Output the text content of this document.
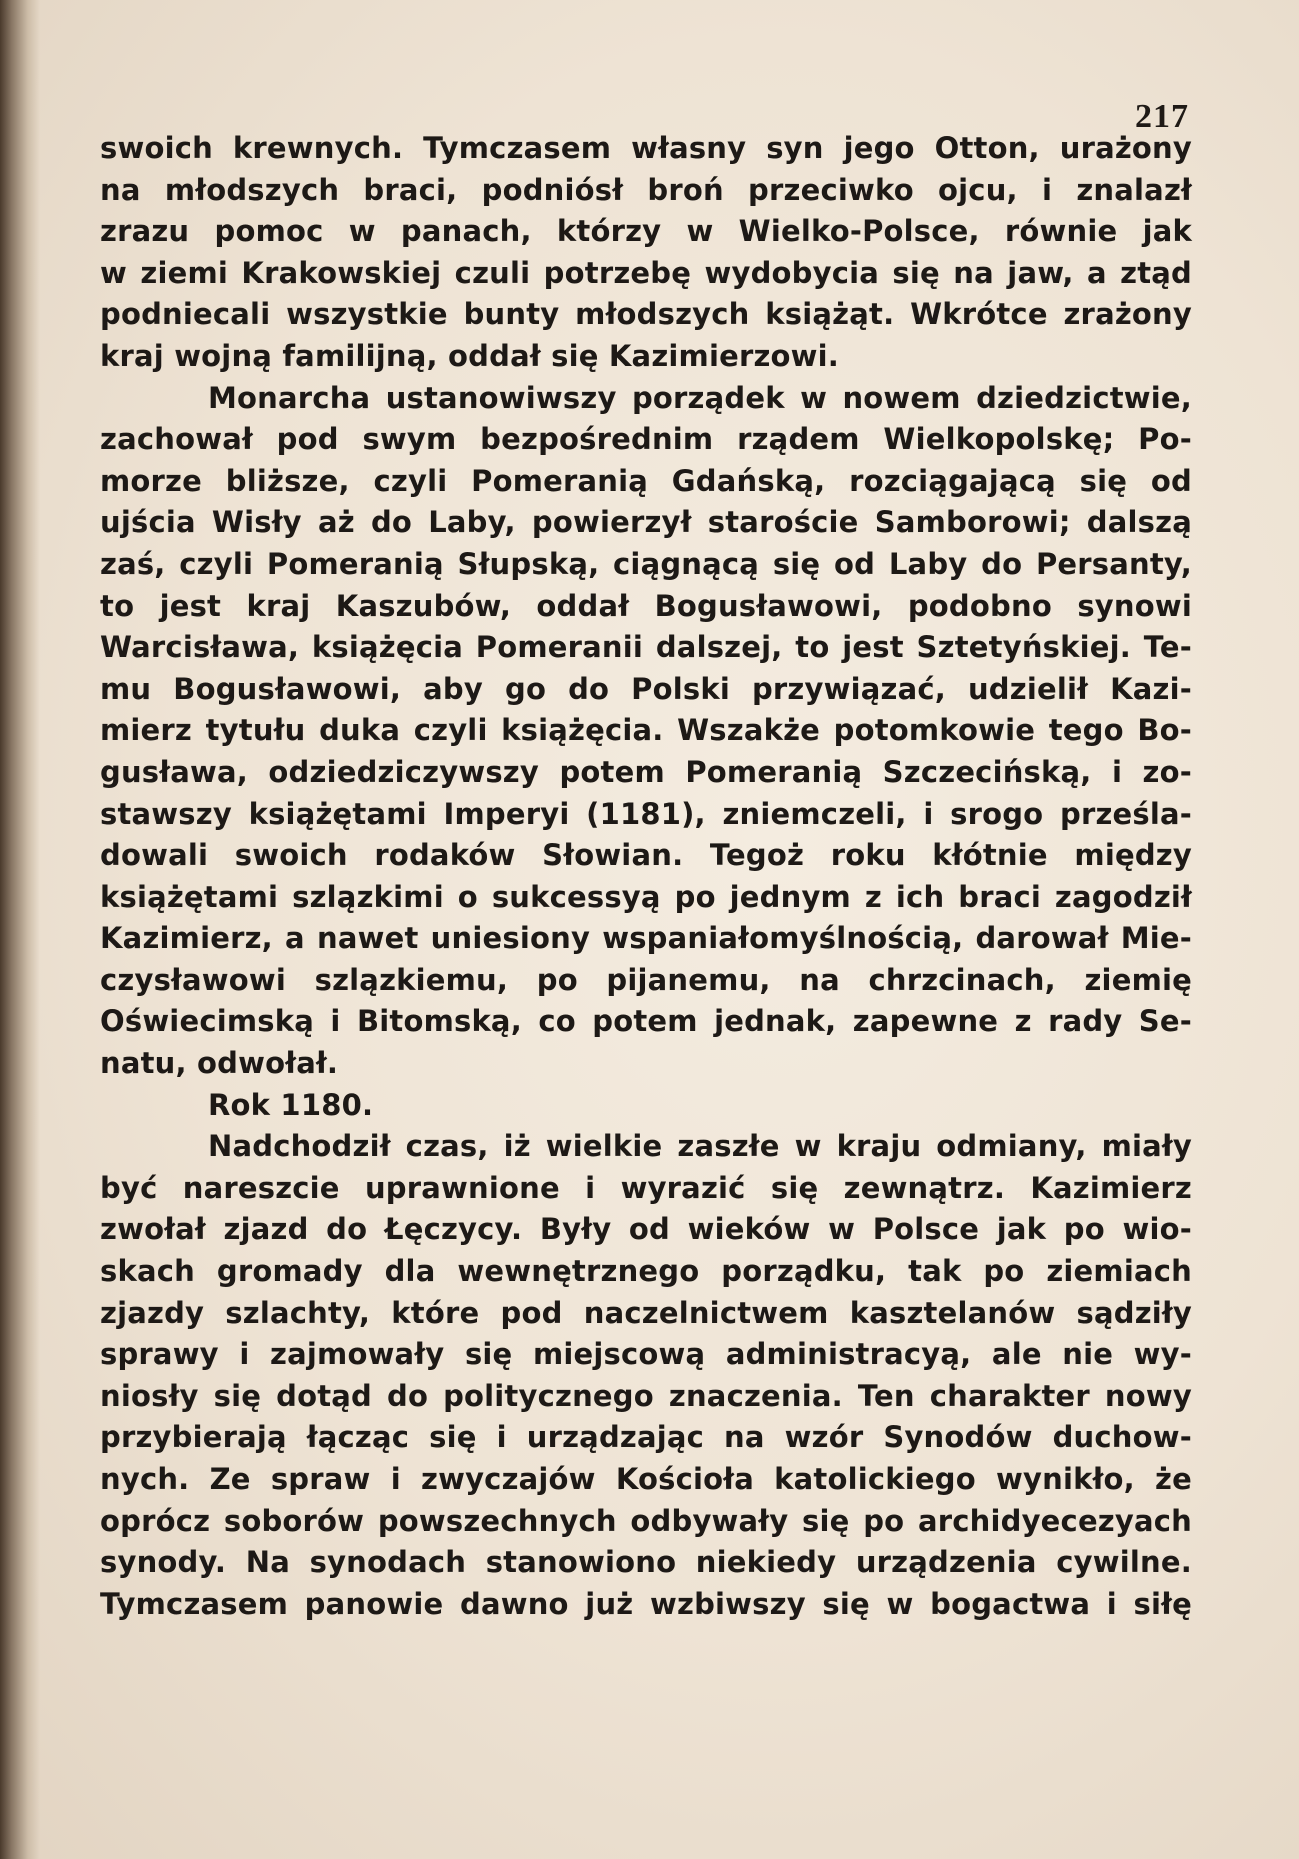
217
swoich krewnych. Tymczasem własny syn jego Otton, urażony
na młodszych braci, podniósł broń przeciwko ojcu, i znalazł
zrazu pomoc w panach, którzy w Wielko-Polsce, równie jak
w ziemi Krakowskiej czuli potrzebę wydobycia się na jaw, a ztąd
podniecali wszystkie bunty młodszych książąt. Wkrótce zrażony
kraj wojną familijną, oddał się Kazimierzowi.
Monarcha ustanowiwszy porządek w nowem dziedzictwie,
zachował pod swym bezpośrednim rządem Wielkopolskę; Po-
morze bliższe, czyli Pomeranią Gdańską, rozciągającą się od
ujścia Wisły aż do Laby, powierzył staroście Samborowi; dalszą
zaś, czyli Pomeranią Słupską, ciągnącą się od Laby do Persanty,
to jest kraj Kaszubów, oddał Bogusławowi, podobno synowi
Warcisława, książęcia Pomeranii dalszej, to jest Sztetyńskiej. Te-
mu Bogusławowi, aby go do Polski przywiązać, udzielił Kazi-
mierz tytułu duka czyli książęcia. Wszakże potomkowie tego Bo-
gusława, odziedziczywszy potem Pomeranią Szczecińską, i zo-
stawszy książętami Imperyi (1181), zniemczeli, i srogo prześla-
dowali swoich rodaków Słowian. Tegoż roku kłótnie między
książętami szlązkimi o sukcessyą po jednym z ich braci zagodził
Kazimierz, a nawet uniesiony wspaniałomyślnością, darował Mie-
czysławowi szlązkiemu, po pijanemu, na chrzcinach, ziemię
Oświecimską i Bitomską, co potem jednak, zapewne z rady Se-
natu, odwołał.
Rok 1180.
Nadchodził czas, iż wielkie zaszłe w kraju odmiany, miały
być nareszcie uprawnione i wyrazić się zewnątrz. Kazimierz
zwołał zjazd do Łęczycy. Były od wieków w Polsce jak po wio-
skach gromady dla wewnętrznego porządku, tak po ziemiach
zjazdy szlachty, które pod naczelnictwem kasztelanów sądziły
sprawy i zajmowały się miejscową administracyą, ale nie wy-
niosły się dotąd do politycznego znaczenia. Ten charakter nowy
przybierają łącząc się i urządzając na wzór Synodów duchow-
nych. Ze spraw i zwyczajów Kościoła katolickiego wynikło, że
oprócz soborów powszechnych odbywały się po archidyecezyach
synody. Na synodach stanowiono niekiedy urządzenia cywilne.
Tymczasem panowie dawno już wzbiwszy się w bogactwa i siłę
